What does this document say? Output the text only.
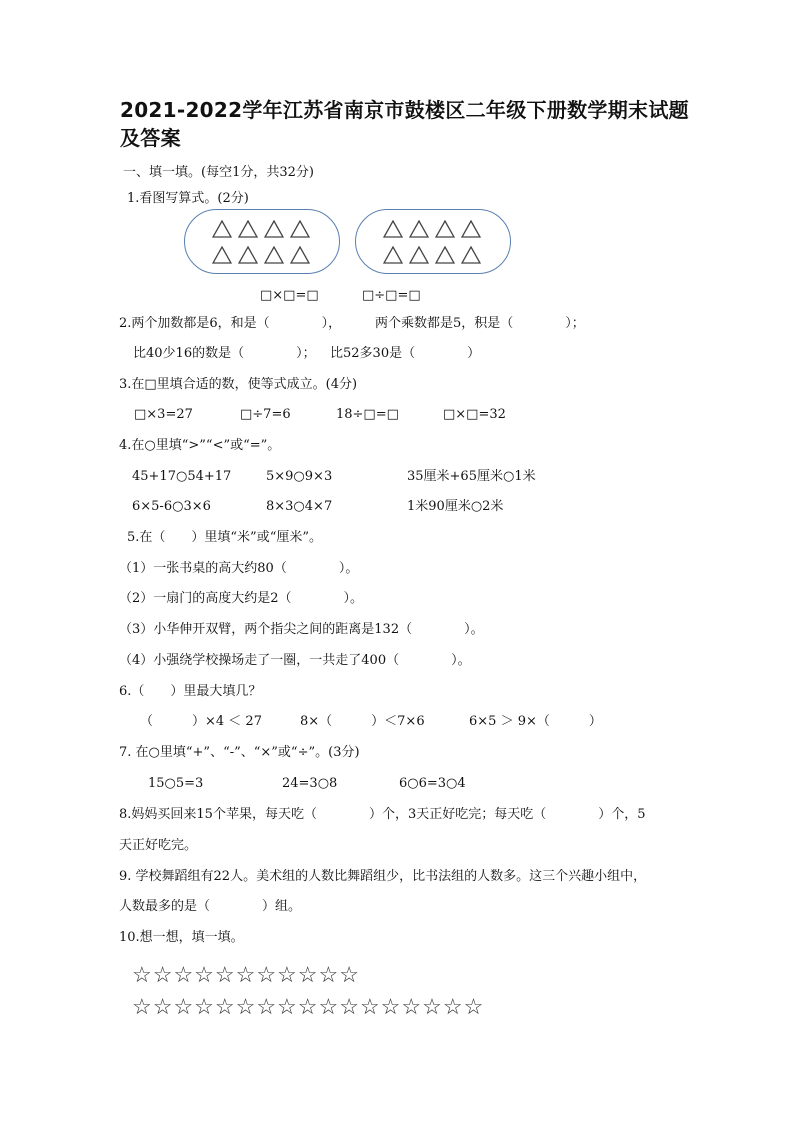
2021-2022学年江苏省南京市鼓楼区二年级下册数学期末试题及答案
一、填一填。(每空1分，共32分)
1.看图写算式。(2分)
□×□=□	□÷□=□
2.两个加数都是6，和是（　　　　），	两个乘数都是5，积是（　　　　）；
比40少16的数是（　　　　）； 比52多30是（　　　　）
3.在□里填合适的数，使等式成立。(4分)
□×3=27	□÷7=6	18÷□=□	□×□=32
4.在○里填“>”“<”或“=”。
45+17○54+17	5×9○9×3	35厘米+65厘米○1米
6×5-6○3×6	8×3○4×7	1米90厘米○2米
5.在（　　）里填“米”或“厘米”。
（1）一张书桌的高大约80（　　　　）。
（2）一扇门的高度大约是2（　　　　）。
（3）小华伸开双臂，两个指尖之间的距离是132（　　　　）。
（4）小强绕学校操场走了一圈，一共走了400（　　　　）。
6.（　　）里最大填几？
（　　　）×4 ＜ 27	8×（　　　）＜7×6	6×5 ＞ 9×（　　　）
7. 在○里填“+”、“-”、“×”或“÷”。(3分)
15○5=3	24=3○8	6○6=3○4
8.妈妈买回来15个苹果，每天吃（　　　　）个，3天正好吃完；每天吃（　　　　）个，5
天正好吃完。
9. 学校舞蹈组有22人。美术组的人数比舞蹈组少，比书法组的人数多。这三个兴趣小组中，
人数最多的是（　　　　）组。
10.想一想，填一填。
☆☆☆☆☆☆☆☆☆☆☆
☆☆☆☆☆☆☆☆☆☆☆☆☆☆☆☆☆
